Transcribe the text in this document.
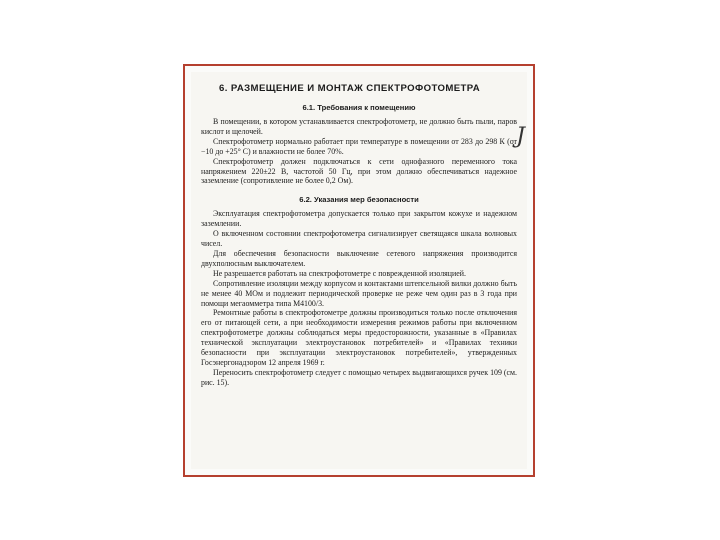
J
6. РАЗМЕЩЕНИЕ И МОНТАЖ СПЕКТРОФОТОМЕТРА
6.1. Требования к помещению

В помещении, в котором устанавливается спектрофотометр, не должно быть пыли, паров кислот и щелочей.

Спектрофотометр нормально работает при температуре в помещении от 283 до 298 К (от −10 до +25° С) и влажности не более 70%.

Спектрофотометр должен подключаться к сети однофазного переменного тока напряжением 220±22 В, частотой 50 Гц, при этом должно обеспечиваться надежное заземление (сопротивление не более 0,2 Ом).

6.2. Указания мер безопасности

Эксплуатация спектрофотометра допускается только при закрытом кожухе и надежном заземлении.

О включенном состоянии спектрофотометра сигнализирует светящаяся шкала волновых чисел.

Для обеспечения безопасности выключение сетевого напряжения производится двухполюсным выключателем.

Не разрешается работать на спектрофотометре с поврежденной изоляцией.

Сопротивление изоляции между корпусом и контактами штепсельной вилки должно быть не менее 40 МОм и подлежит периодической проверке не реже чем один раз в 3 года при помощи мегаомметра типа М4100/3.

Ремонтные работы в спектрофотометре должны производиться только после отключения его от питающей сети, а при необходимости измерения режимов работы при включенном спектрофотометре должны соблюдаться меры предосторожности, указанные в «Правилах технической эксплуатации электроустановок потребителей» и «Правилах техники безопасности при эксплуатации электроустановок потребителей», утвержденных Госэнергонадзором 12 апреля 1969 г.

Переносить спектрофотометр следует с помощью четырех выдвигающихся ручек 109 (см. рис. 15).
